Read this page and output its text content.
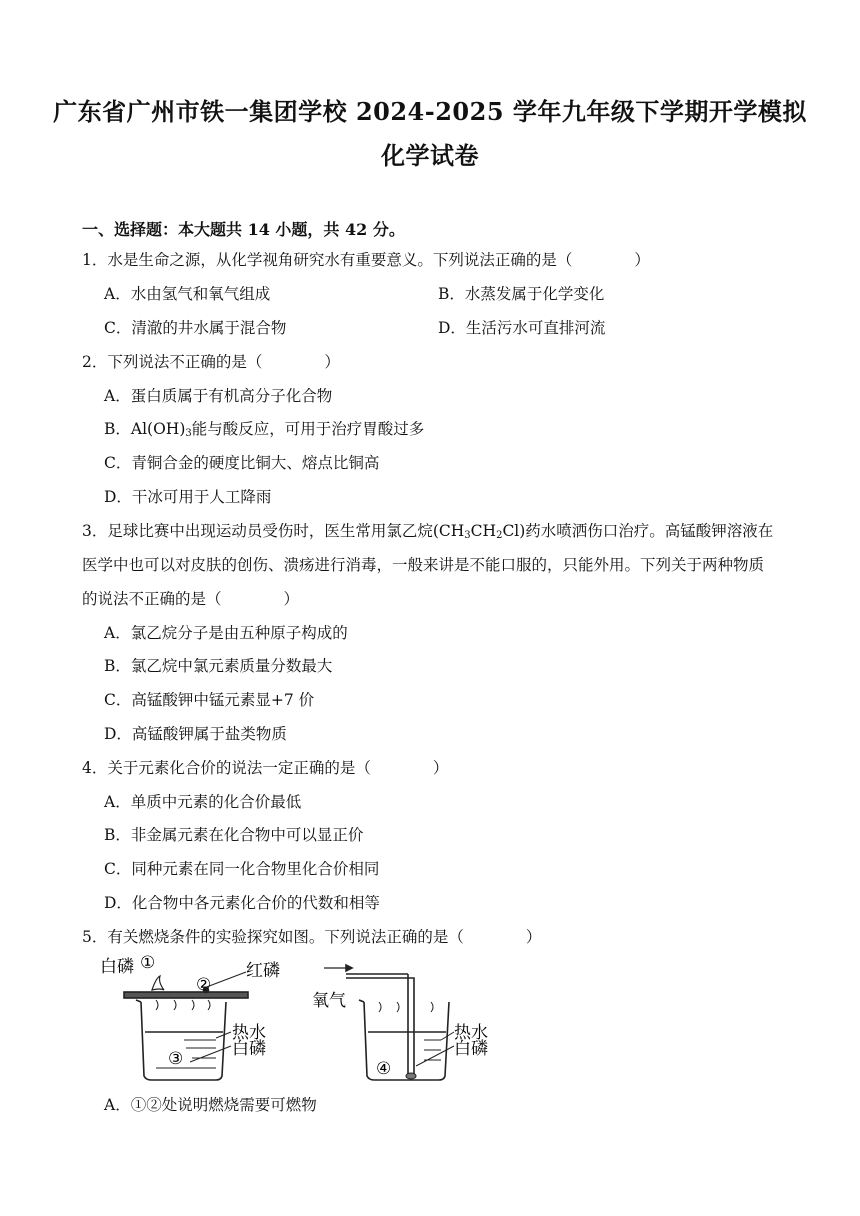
广东省广州市铁一集团学校 2024-2025 学年九年级下学期开学模拟
化学试卷
一、选择题：本大题共 14 小题，共 42 分。
1．水是生命之源，从化学视角研究水有重要意义。下列说法正确的是（　　　　）
A．水由氢气和氧气组成	B．水蒸发属于化学变化
C．清澈的井水属于混合物	D．生活污水可直排河流
2．下列说法不正确的是（　　　　）
A．蛋白质属于有机高分子化合物
B．$Al(OH)_3$能与酸反应，可用于治疗胃酸过多
C．青铜合金的硬度比铜大、熔点比铜高
D．干冰可用于人工降雨
3．足球比赛中出现运动员受伤时，医生常用氯乙烷$(CH_3CH_2Cl)$药水喷洒伤口治疗。高锰酸钾溶液在
医学中也可以对皮肤的创伤、溃疡进行消毒，一般来讲是不能口服的，只能外用。下列关于两种物质
的说法不正确的是（　　　　）
A．氯乙烷分子是由五种原子构成的
B．氯乙烷中氯元素质量分数最大
C．高锰酸钾中锰元素显+7 价
D．高锰酸钾属于盐类物质
4．关于元素化合价的说法一定正确的是（　　　　）
A．单质中元素的化合价最低
B．非金属元素在化合物中可以显正价
C．同种元素在同一化合物里化合价相同
D．化合物中各元素化合价的代数和相等
5．有关燃烧条件的实验探究如图。下列说法正确的是（　　　　）
白磷 ①
②
红磷
热水
白磷
③
氧气
热水
白磷
④
A．①②处说明燃烧需要可燃物
